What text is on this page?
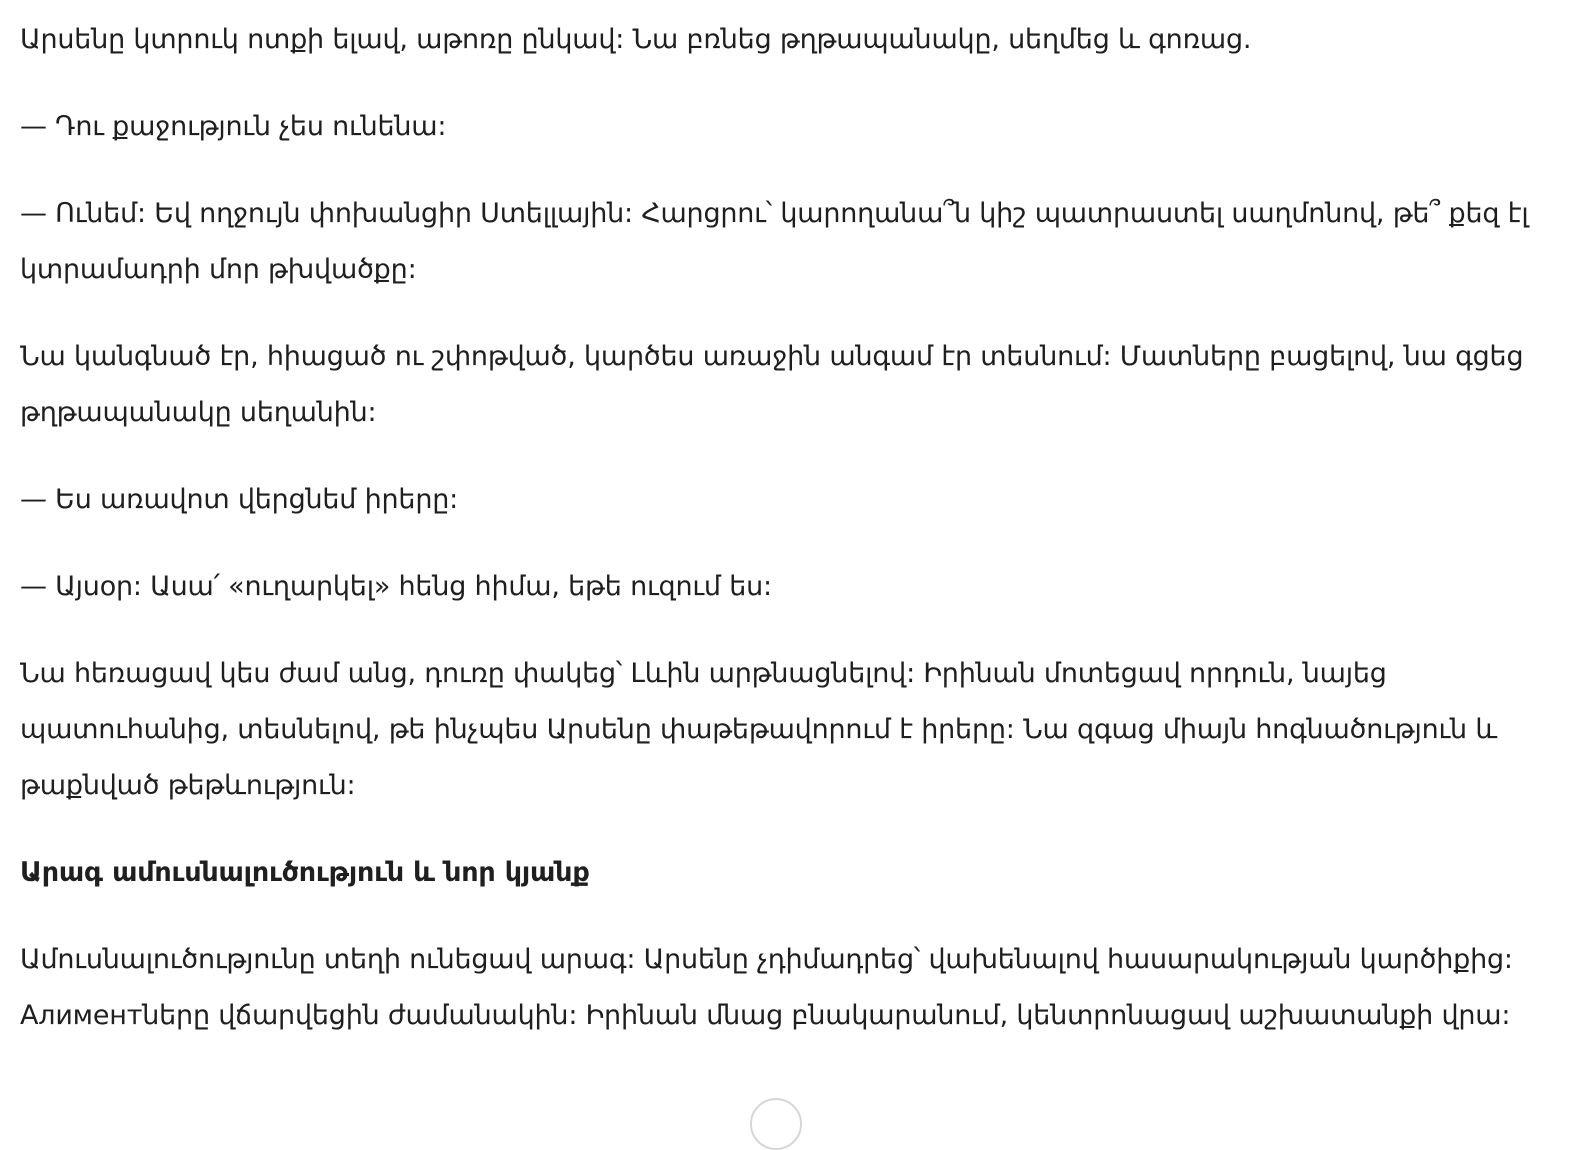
Արսենը կտրուկ ոտքի ելավ, աթոռը ընկավ: Նա բռնեց թղթապանակը, սեղմեց և գոռաց.

— Դու քաջություն չես ունենա:

— Ունեմ: Եվ ողջույն փոխանցիր Ստելլային: Հարցրու՝ կարողանա՞ն կիշ պատրաստել սաղմոնով, թե՞ քեզ էլ կտրամադրի մոր թխվածքը:

Նա կանգնած էր, հիացած ու շփոթված, կարծես առաջին անգամ էր տեսնում: Մատները բացելով, նա գցեց թղթապանակը սեղանին:

— Ես առավոտ վերցնեմ իրերը:

— Այսօր: Ասա՛ «ուղարկել» հենց հիմա, եթե ուզում ես:

Նա հեռացավ կես ժամ անց, դուռը փակեց՝ Լևին արթնացնելով: Իրինան մոտեցավ որդուն, նայեց պատուհանից, տեսնելով, թե ինչպես Արսենը փաթեթավորում է իրերը: Նա զգաց միայն հոգնածություն և թաքնված թեթևություն:

Արագ ամուսնալուծություն և նոր կյանք

Ամուսնալուծությունը տեղի ունեցավ արագ: Արսենը չդիմադրեց՝ վախենալով հասարակության կարծիքից: Алиментները վճարվեցին ժամանակին: Իրինան մնաց բնակարանում, կենտրոնացավ աշխատանքի վրա:
